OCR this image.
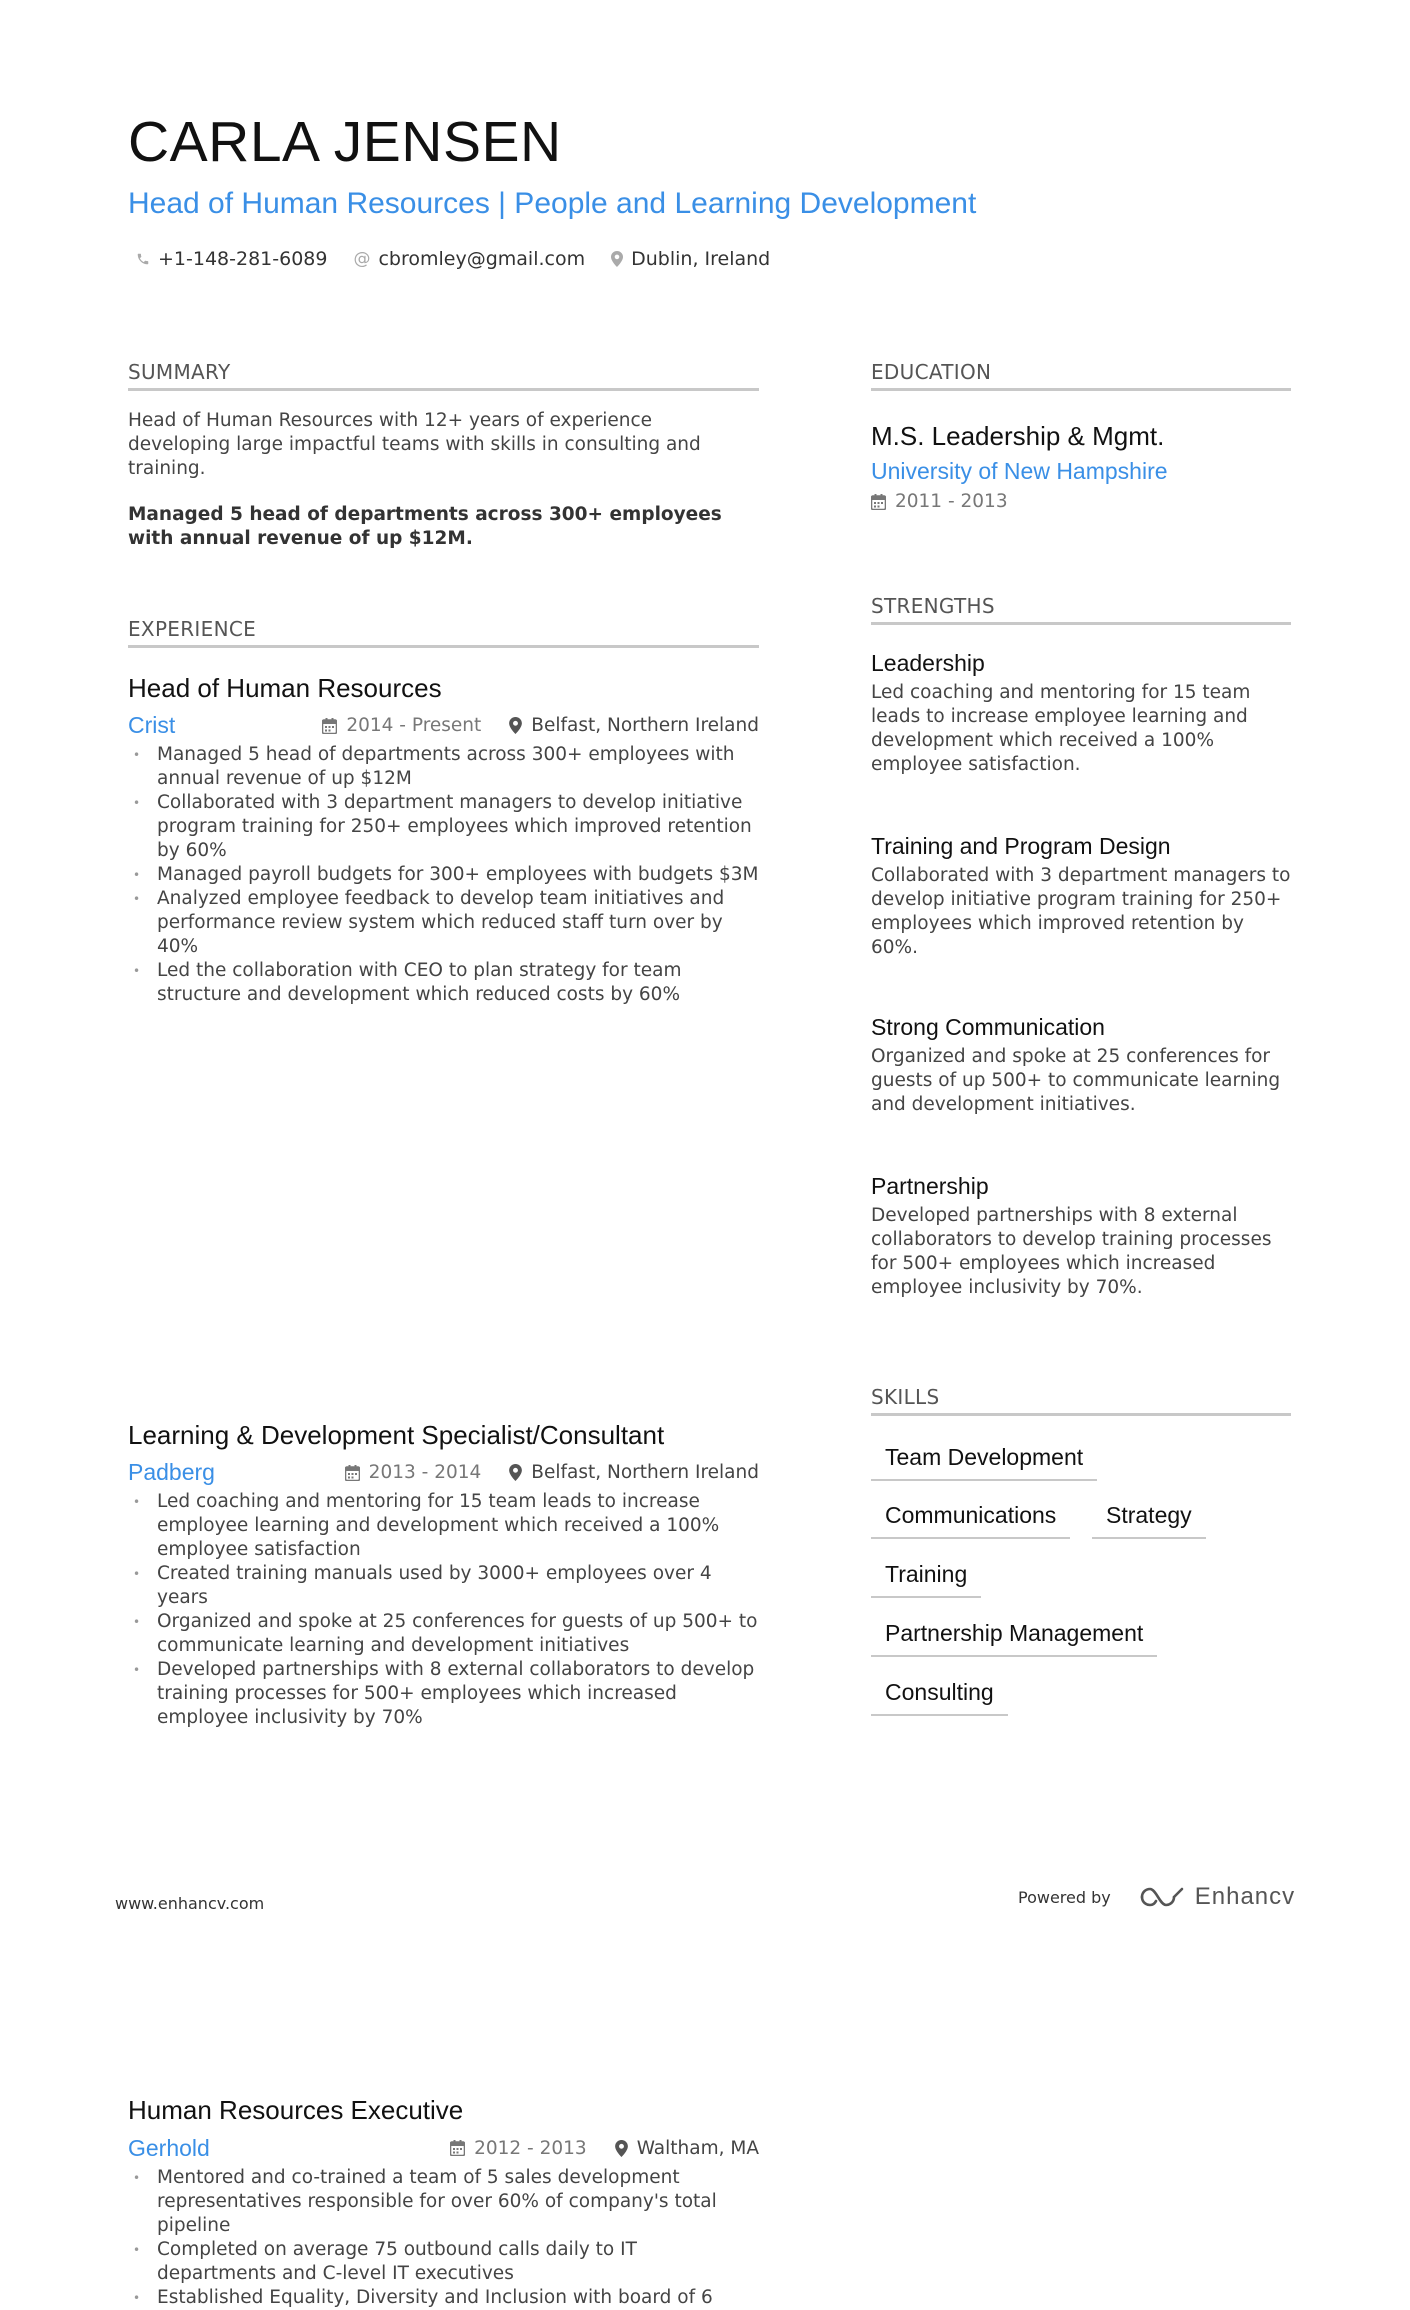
CARLA JENSEN
Head of Human Resources | People and Learning Development
+1-148-281-6089 @ cbromley@gmail.com Dublin, Ireland
SUMMARY

Head of Human Resources with 12+ years of experience developing large impactful teams with skills in consulting and training.

Managed 5 head of departments across 300+ employees with annual revenue of up $12M.

EXPERIENCE
Head of Human Resources
Crist	2014 - Present	Belfast, Northern Ireland
• Managed 5 head of departments across 300+ employees with annual revenue of up $12M
• Collaborated with 3 department managers to develop initiative program training for 250+ employees which improved retention by 60%
• Managed payroll budgets for 300+ employees with budgets $3M
• Analyzed employee feedback to develop team initiatives and performance review system which reduced staff turn over by 40%
• Led the collaboration with CEO to plan strategy for team structure and development which reduced costs by 60%
Learning & Development Specialist/Consultant
Padberg	2013 - 2014	Belfast, Northern Ireland
• Led coaching and mentoring for 15 team leads to increase employee learning and development which received a 100% employee satisfaction
• Created training manuals used by 3000+ employees over 4 years
• Organized and spoke at 25 conferences for guests of up 500+ to communicate learning and development initiatives
• Developed partnerships with 8 external collaborators to develop training processes for 500+ employees which increased employee inclusivity by 70%
Human Resources Executive
Gerhold	2012 - 2013	Waltham, MA
• Mentored and co-trained a team of 5 sales development representatives responsible for over 60% of company's total pipeline
• Completed on average 75 outbound calls daily to IT departments and C-level IT executives
• Established Equality, Diversity and Inclusion with board of 6
EDUCATION
M.S. Leadership & Mgmt.
University of New Hampshire
2011 - 2013
STRENGTHS
Leadership

Led coaching and mentoring for 15 team leads to increase employee learning and development which received a 100% employee satisfaction.

Training and Program Design

Collaborated with 3 department managers to develop initiative program training for 250+ employees which improved retention by 60%.

Strong Communication

Organized and spoke at 25 conferences for guests of up 500+ to communicate learning and development initiatives.

Partnership

Developed partnerships with 8 external collaborators to develop training processes for 500+ employees which increased employee inclusivity by 70%.

SKILLS
Team Development
Communications	Strategy
Training
Partnership Management
Consulting
www.enhancv.com	Powered by	Enhancv
